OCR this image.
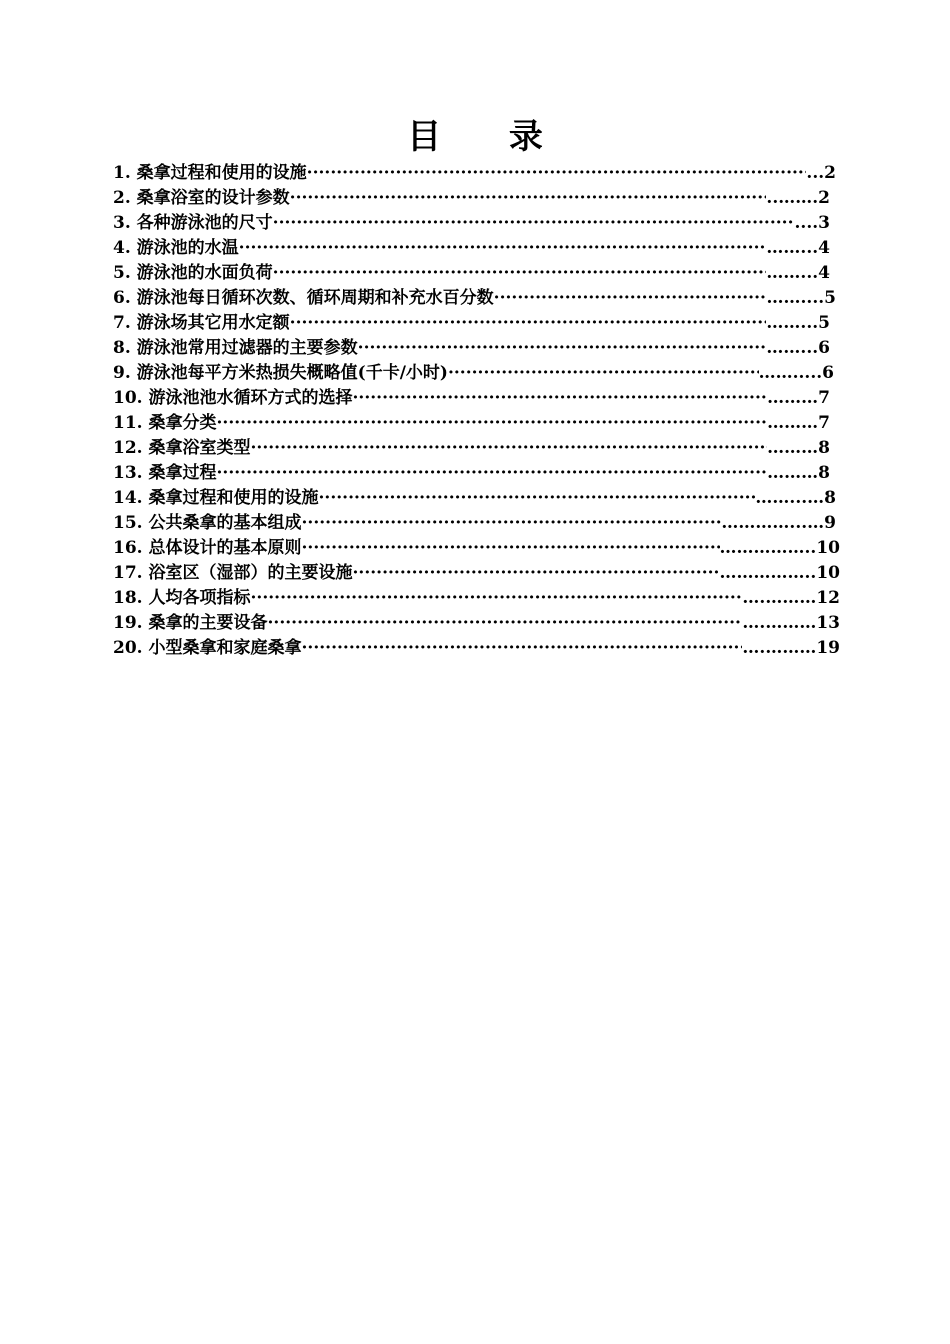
目 录
1. 桑拿过程和使用的设施 ·····	...2
2. 桑拿浴室的设计参数 ·····	..…….2
3. 各种游泳池的尺寸 ·····	....3
4. 游泳池的水温 ·····	……...4
5. 游泳池的水面负荷 ·····	……...4
6. 游泳池每日循环次数、循环周期和补充水百分数 ·····	……....5
7. 游泳场其它用水定额 ·····	……...5
8. 游泳池常用过滤器的主要参数 ·····	……...6
9. 游泳池每平方米热损失概略值(千卡/小时) ·····	…….....6
10. 游泳池池水循环方式的选择 ·····	………7
11. 桑拿分类 ·····	………7
12. 桑拿浴室类型 ·····	………8
13. 桑拿过程 ·····	………8
14. 桑拿过程和使用的设施 ·····	……...…8
15. 公共桑拿的基本组成 ·····	…………...…9
16. 总体设计的基本原则 ·····	……………..10
17. 浴室区（湿部）的主要设施 ·····	……………..10
18. 人均各项指标 ·····	….………12
19. 桑拿的主要设备 ·····	….………13
20. 小型桑拿和家庭桑拿 ·····	….………19
